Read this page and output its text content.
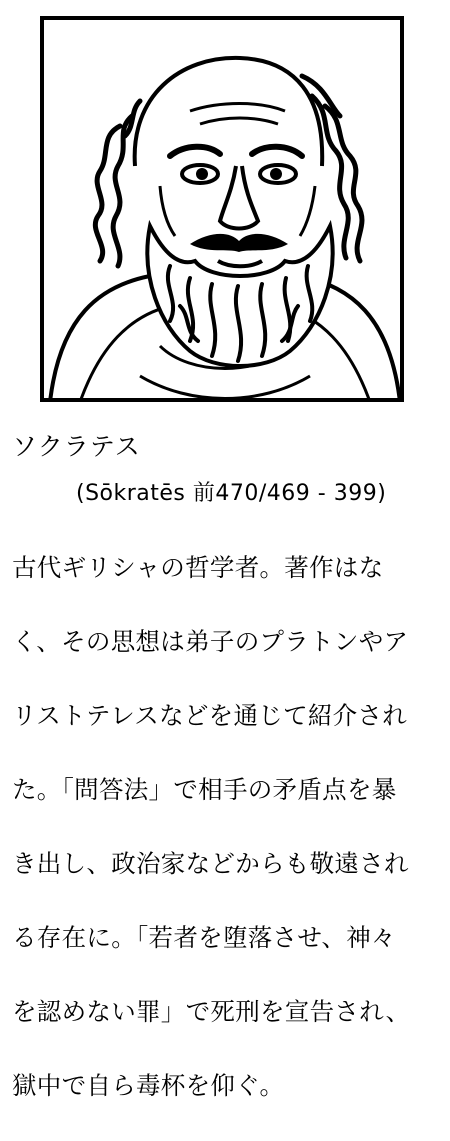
ソクラテス
(Sōkratēs 前470/469 - 399)

古代ギリシャの哲学者。著作はな

く、その思想は弟子のプラトンやア

リストテレスなどを通じて紹介され

た。「問答法」で相手の矛盾点を暴

き出し、政治家などからも敬遠され

る存在に。「若者を堕落させ、神々

を認めない罪」で死刑を宣告され、

獄中で自ら毒杯を仰ぐ。
